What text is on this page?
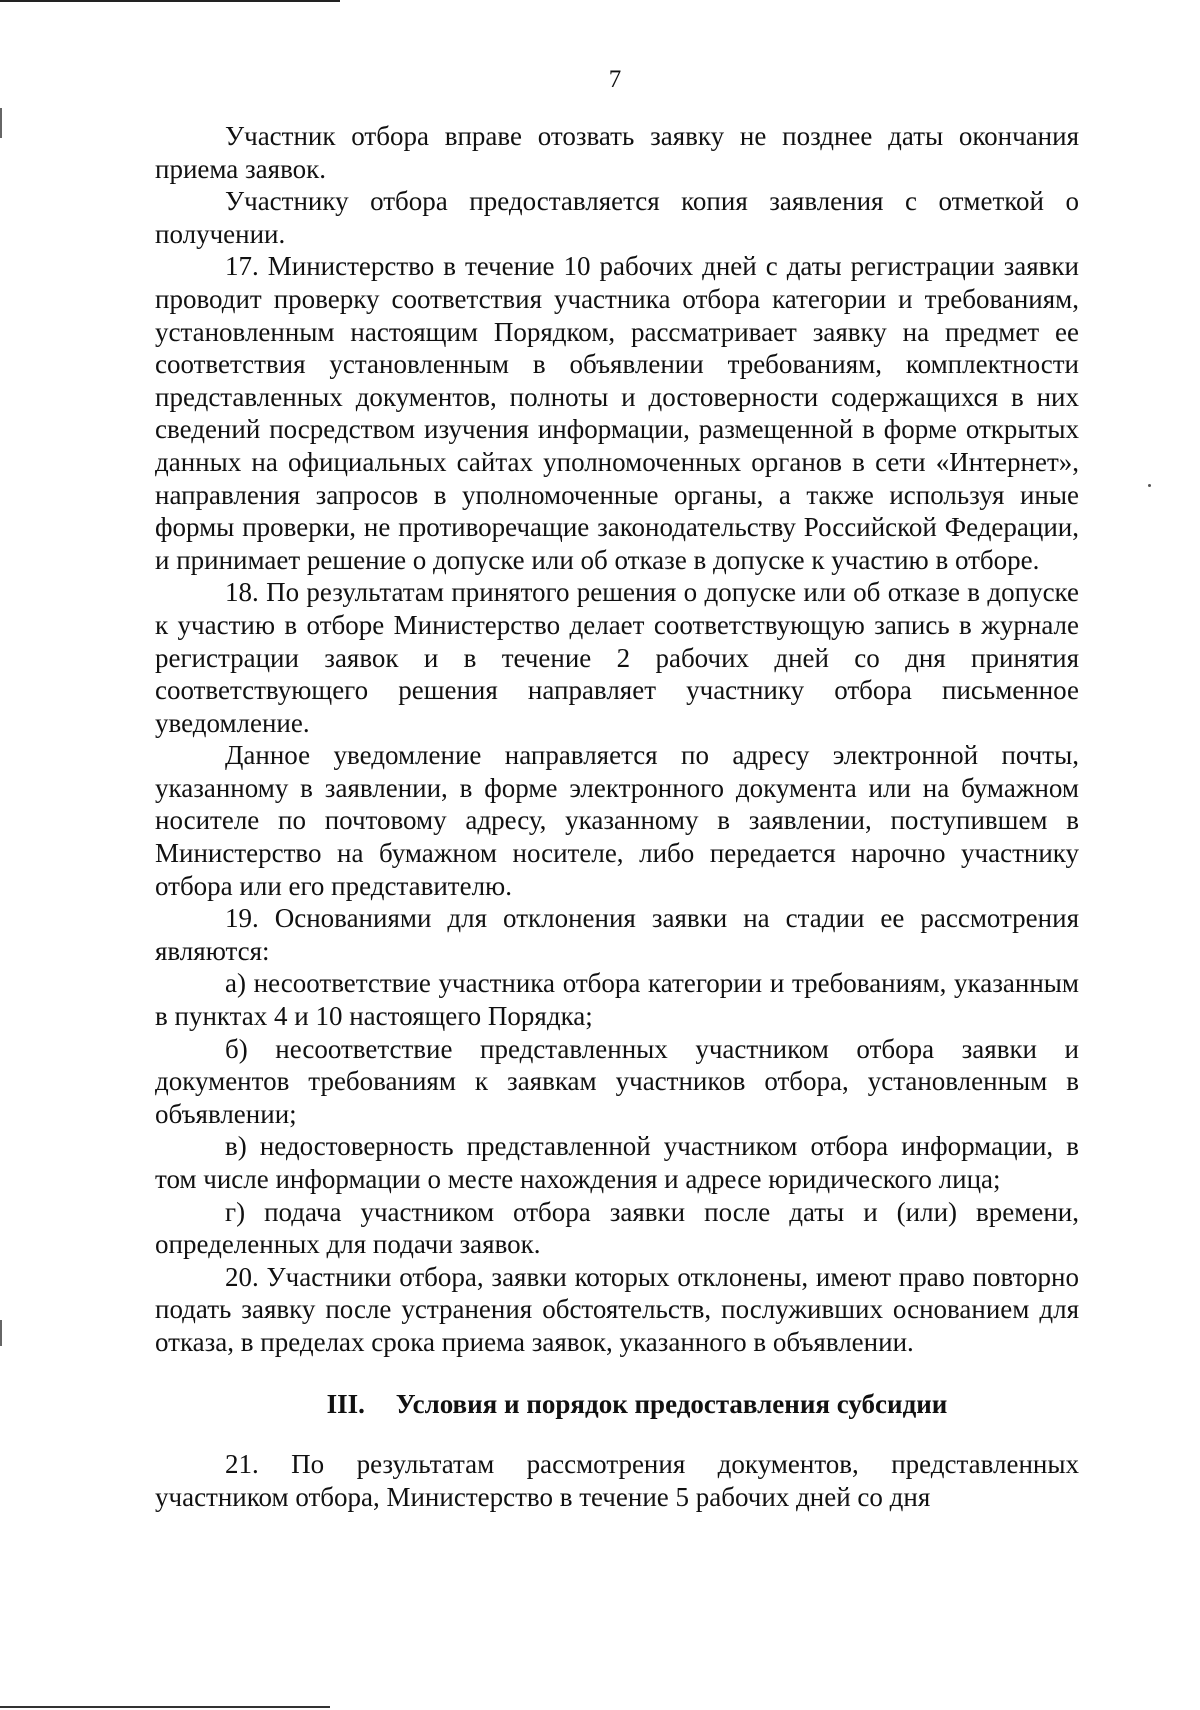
7

Участник отбора вправе отозвать заявку не позднее даты окончания приема заявок.

Участнику отбора предоставляется копия заявления с отметкой о получении.

17. Министерство в течение 10 рабочих дней с даты регистрации заявки проводит проверку соответствия участника отбора категории и требованиям, установленным настоящим Порядком, рассматривает заявку на предмет ее соответствия установленным в объявлении требованиям, комплектности представленных документов, полноты и достоверности содержащихся в них сведений посредством изучения информации, размещенной в форме открытых данных на официальных сайтах уполномоченных органов в сети «Интернет», направления запросов в уполномоченные органы, а также используя иные формы проверки, не противоречащие законодательству Российской Федерации, и принимает решение о допуске или об отказе в допуске к участию в отборе.

18. По результатам принятого решения о допуске или об отказе в допуске к участию в отборе Министерство делает соответствующую запись в журнале регистрации заявок и в течение 2 рабочих дней со дня принятия соответствующего решения направляет участнику отбора письменное уведомление.

Данное уведомление направляется по адресу электронной почты, указанному в заявлении, в форме электронного документа или на бумажном носителе по почтовому адресу, указанному в заявлении, поступившем в Министерство на бумажном носителе, либо передается нарочно участнику отбора или его представителю.

19. Основаниями для отклонения заявки на стадии ее рассмотрения являются:

а) несоответствие участника отбора категории и требованиям, указанным в пунктах 4 и 10 настоящего Порядка;

б) несоответствие представленных участником отбора заявки и документов требованиям к заявкам участников отбора, установленным в объявлении;

в) недостоверность представленной участником отбора информации, в том числе информации о месте нахождения и адресе юридического лица;

г) подача участником отбора заявки после даты и (или) времени, определенных для подачи заявок.

20. Участники отбора, заявки которых отклонены, имеют право повторно подать заявку после устранения обстоятельств, послуживших основанием для отказа, в пределах срока приема заявок, указанного в объявлении.

III. Условия и порядок предоставления субсидии

21. По результатам рассмотрения документов, представленных участником отбора, Министерство в течение 5 рабочих дней со дня
